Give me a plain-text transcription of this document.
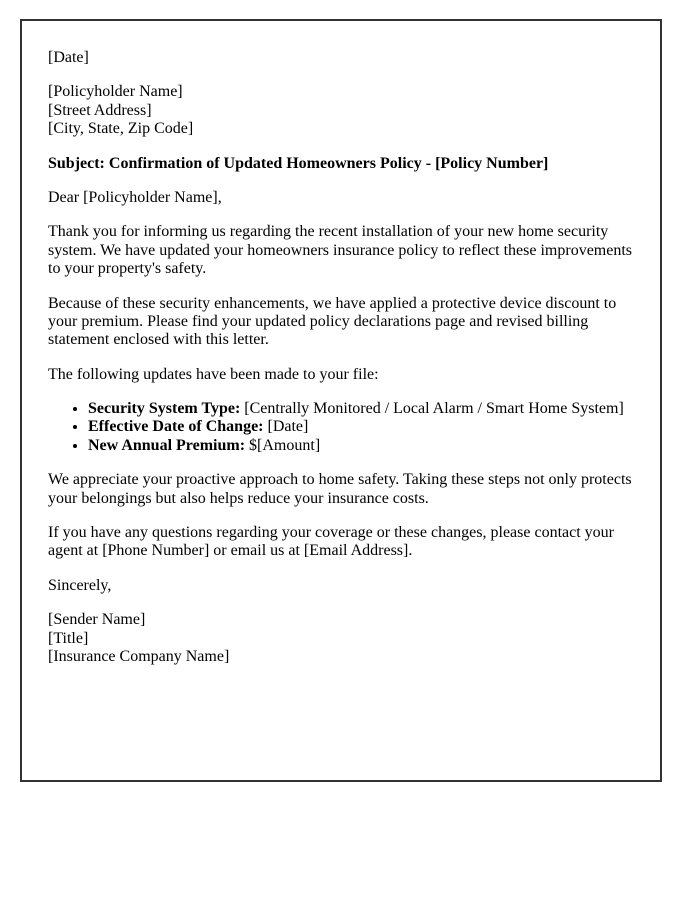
[Date]

[Policyholder Name]
[Street Address]
[City, State, Zip Code]

Subject: Confirmation of Updated Homeowners Policy - [Policy Number]

Dear [Policyholder Name],

Thank you for informing us regarding the recent installation of your new home security system. We have updated your homeowners insurance policy to reflect these improvements to your property's safety.

Because of these security enhancements, we have applied a protective device discount to your premium. Please find your updated policy declarations page and revised billing statement enclosed with this letter.

The following updates have been made to your file:

• Security System Type: [Centrally Monitored / Local Alarm / Smart Home System]
• Effective Date of Change: [Date]
• New Annual Premium: $[Amount]

We appreciate your proactive approach to home safety. Taking these steps not only protects your belongings but also helps reduce your insurance costs.

If you have any questions regarding your coverage or these changes, please contact your agent at [Phone Number] or email us at [Email Address].

Sincerely,

[Sender Name]
[Title]
[Insurance Company Name]
